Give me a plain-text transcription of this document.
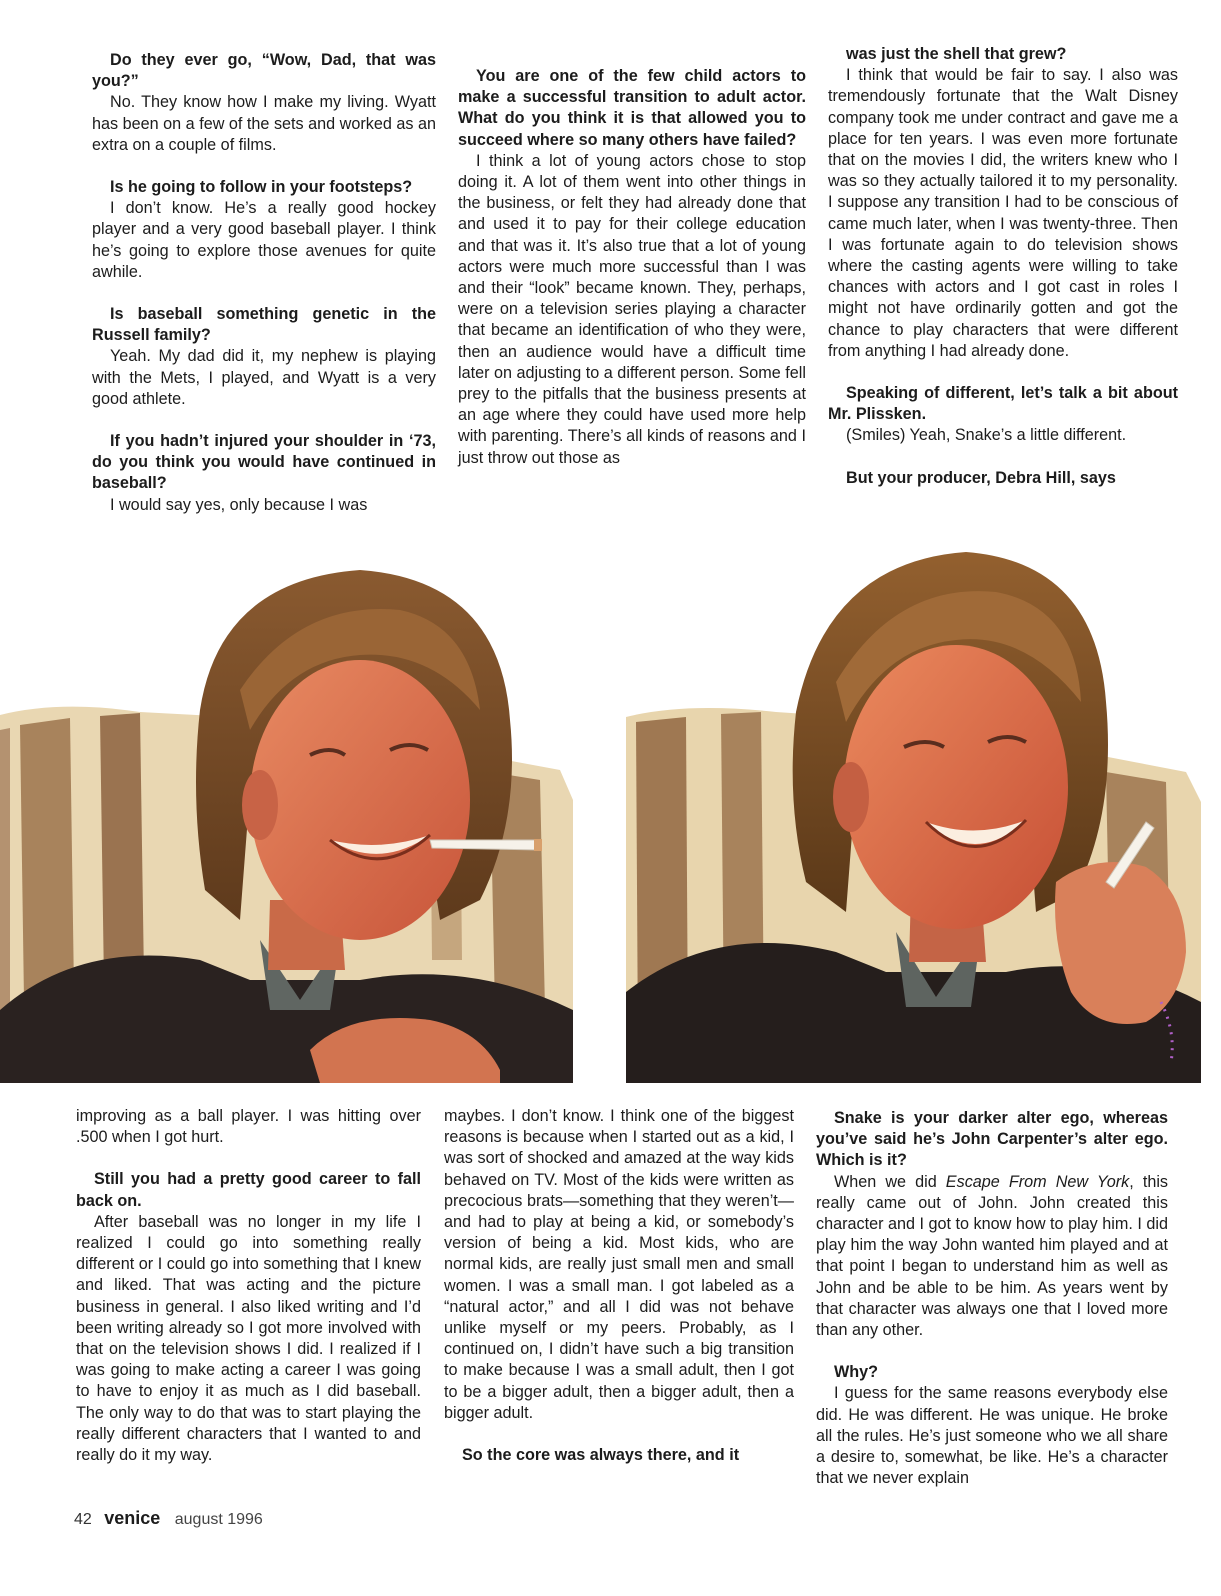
Do they ever go, “Wow, Dad, that was you?”

No. They know how I make my living. Wyatt has been on a few of the sets and worked as an extra on a couple of films.

Is he going to follow in your footsteps?

I don’t know. He’s a really good hockey player and a very good baseball player. I think he’s going to explore those avenues for quite awhile.

Is baseball something genetic in the Russell family?

Yeah. My dad did it, my nephew is playing with the Mets, I played, and Wyatt is a very good athlete.

If you hadn’t injured your shoulder in ‘73, do you think you would have continued in baseball?

I would say yes, only because I was

You are one of the few child actors to make a successful transition to adult actor. What do you think it is that allowed you to succeed where so many others have failed?

I think a lot of young actors chose to stop doing it. A lot of them went into other things in the business, or felt they had already done that and used it to pay for their college education and that was it. It’s also true that a lot of young actors were much more successful than I was and their “look” became known. They, perhaps, were on a television series playing a character that became an identification of who they were, then an audience would have a difficult time later on adjusting to a different person. Some fell prey to the pitfalls that the business presents at an age where they could have used more help with parenting. There’s all kinds of reasons and I just throw out those as

was just the shell that grew?

I think that would be fair to say. I also was tremendously fortunate that the Walt Disney company took me under contract and gave me a place for ten years. I was even more fortunate that on the movies I did, the writers knew who I was so they actually tailored it to my personality. I suppose any transition I had to be conscious of came much later, when I was twenty-three. Then I was fortunate again to do television shows where the casting agents were willing to take chances with actors and I got cast in roles I might not have ordinarily gotten and got the chance to play characters that were different from anything I had already done.

Speaking of different, let’s talk a bit about Mr. Plissken.

(Smiles) Yeah, Snake’s a little different.

But your producer, Debra Hill, says

improving as a ball player. I was hitting over .500 when I got hurt.

Still you had a pretty good career to fall back on.

After baseball was no longer in my life I realized I could go into something really different or I could go into something that I knew and liked. That was acting and the picture business in general. I also liked writing and I’d been writing already so I got more involved with that on the television shows I did. I realized if I was going to make acting a career I was going to have to enjoy it as much as I did baseball. The only way to do that was to start playing the really different characters that I wanted to and really do it my way.

maybes. I don’t know. I think one of the biggest reasons is because when I started out as a kid, I was sort of shocked and amazed at the way kids behaved on TV. Most of the kids were written as precocious brats—something that they weren’t—and had to play at being a kid, or somebody’s version of being a kid. Most kids, who are normal kids, are really just small men and small women. I was a small man. I got labeled as a “natural actor,” and all I did was not behave unlike myself or my peers. Probably, as I continued on, I didn’t have such a big transition to make because I was a small adult, then I got to be a bigger adult, then a bigger adult, then a bigger adult.

So the core was always there, and it

Snake is your darker alter ego, whereas you’ve said he’s John Carpenter’s alter ego. Which is it?

When we did Escape From New York, this really came out of John. John created this character and I got to know how to play him. I did play him the way John wanted him played and at that point I began to understand him as well as John and be able to be him. As years went by that character was always one that I loved more than any other.

Why?

I guess for the same reasons everybody else did. He was different. He was unique. He broke all the rules. He’s just someone who we all share a desire to, somewhat, be like. He’s a character that we never explain

42 venice august 1996
